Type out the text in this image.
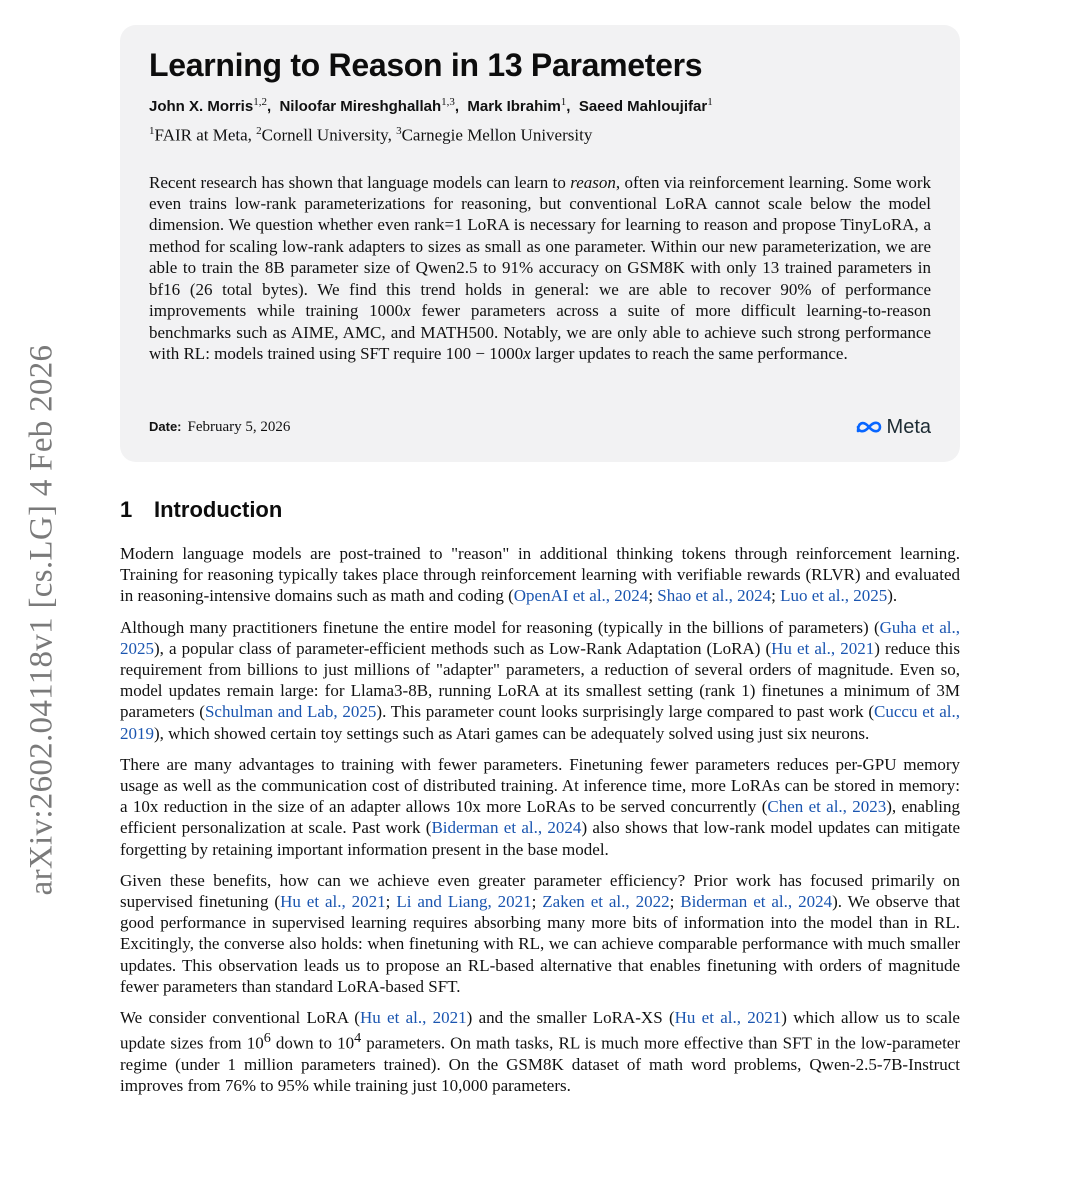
arXiv:2602.04118v1 [cs.LG] 4 Feb 2026
Learning to Reason in 13 Parameters
John X. Morris$^{1,2}$,  Niloofar Mireshghallah$^{1,3}$,  Mark Ibrahim$^1$,  Saeed Mahloujifar$^1$
$^1$FAIR at Meta, $^2$Cornell University, $^3$Carnegie Mellon University
Recent research has shown that language models can learn to reason, often via reinforcement learning. Some work even trains low-rank parameterizations for reasoning, but conventional LoRA cannot scale below the model dimension. We question whether even rank=1 LoRA is necessary for learning to reason and propose TinyLoRA, a method for scaling low-rank adapters to sizes as small as one parameter. Within our new parameterization, we are able to train the 8B parameter size of Qwen2.5 to 91% accuracy on GSM8K with only 13 trained parameters in bf16 (26 total bytes). We find this trend holds in general: we are able to recover 90% of performance improvements while training 1000x fewer parameters across a suite of more difficult learning-to-reason benchmarks such as AIME, AMC, and MATH500. Notably, we are only able to achieve such strong performance with RL: models trained using SFT require 100 − 1000x larger updates to reach the same performance.
Date: February 5, 2026	Meta
1 Introduction

Modern language models are post-trained to "reason" in additional thinking tokens through reinforcement learning. Training for reasoning typically takes place through reinforcement learning with verifiable rewards (RLVR) and evaluated in reasoning-intensive domains such as math and coding (OpenAI et al., 2024; Shao et al., 2024; Luo et al., 2025).

Although many practitioners finetune the entire model for reasoning (typically in the billions of parameters) (Guha et al., 2025), a popular class of parameter-efficient methods such as Low-Rank Adaptation (LoRA) (Hu et al., 2021) reduce this requirement from billions to just millions of "adapter" parameters, a reduction of several orders of magnitude. Even so, model updates remain large: for Llama3-8B, running LoRA at its smallest setting (rank 1) finetunes a minimum of 3M parameters (Schulman and Lab, 2025). This parameter count looks surprisingly large compared to past work (Cuccu et al., 2019), which showed certain toy settings such as Atari games can be adequately solved using just six neurons.

There are many advantages to training with fewer parameters. Finetuning fewer parameters reduces per-GPU memory usage as well as the communication cost of distributed training. At inference time, more LoRAs can be stored in memory: a 10x reduction in the size of an adapter allows 10x more LoRAs to be served concurrently (Chen et al., 2023), enabling efficient personalization at scale. Past work (Biderman et al., 2024) also shows that low-rank model updates can mitigate forgetting by retaining important information present in the base model.

Given these benefits, how can we achieve even greater parameter efficiency? Prior work has focused primarily on supervised finetuning (Hu et al., 2021; Li and Liang, 2021; Zaken et al., 2022; Biderman et al., 2024). We observe that good performance in supervised learning requires absorbing many more bits of information into the model than in RL. Excitingly, the converse also holds: when finetuning with RL, we can achieve comparable performance with much smaller updates. This observation leads us to propose an RL-based alternative that enables finetuning with orders of magnitude fewer parameters than standard LoRA-based SFT.

We consider conventional LoRA (Hu et al., 2021) and the smaller LoRA-XS (Hu et al., 2021) which allow us to scale update sizes from $10^6$ down to $10^4$ parameters. On math tasks, RL is much more effective than SFT in the low-parameter regime (under 1 million parameters trained). On the GSM8K dataset of math word problems, Qwen-2.5-7B-Instruct improves from 76% to 95% while training just 10,000 parameters.
